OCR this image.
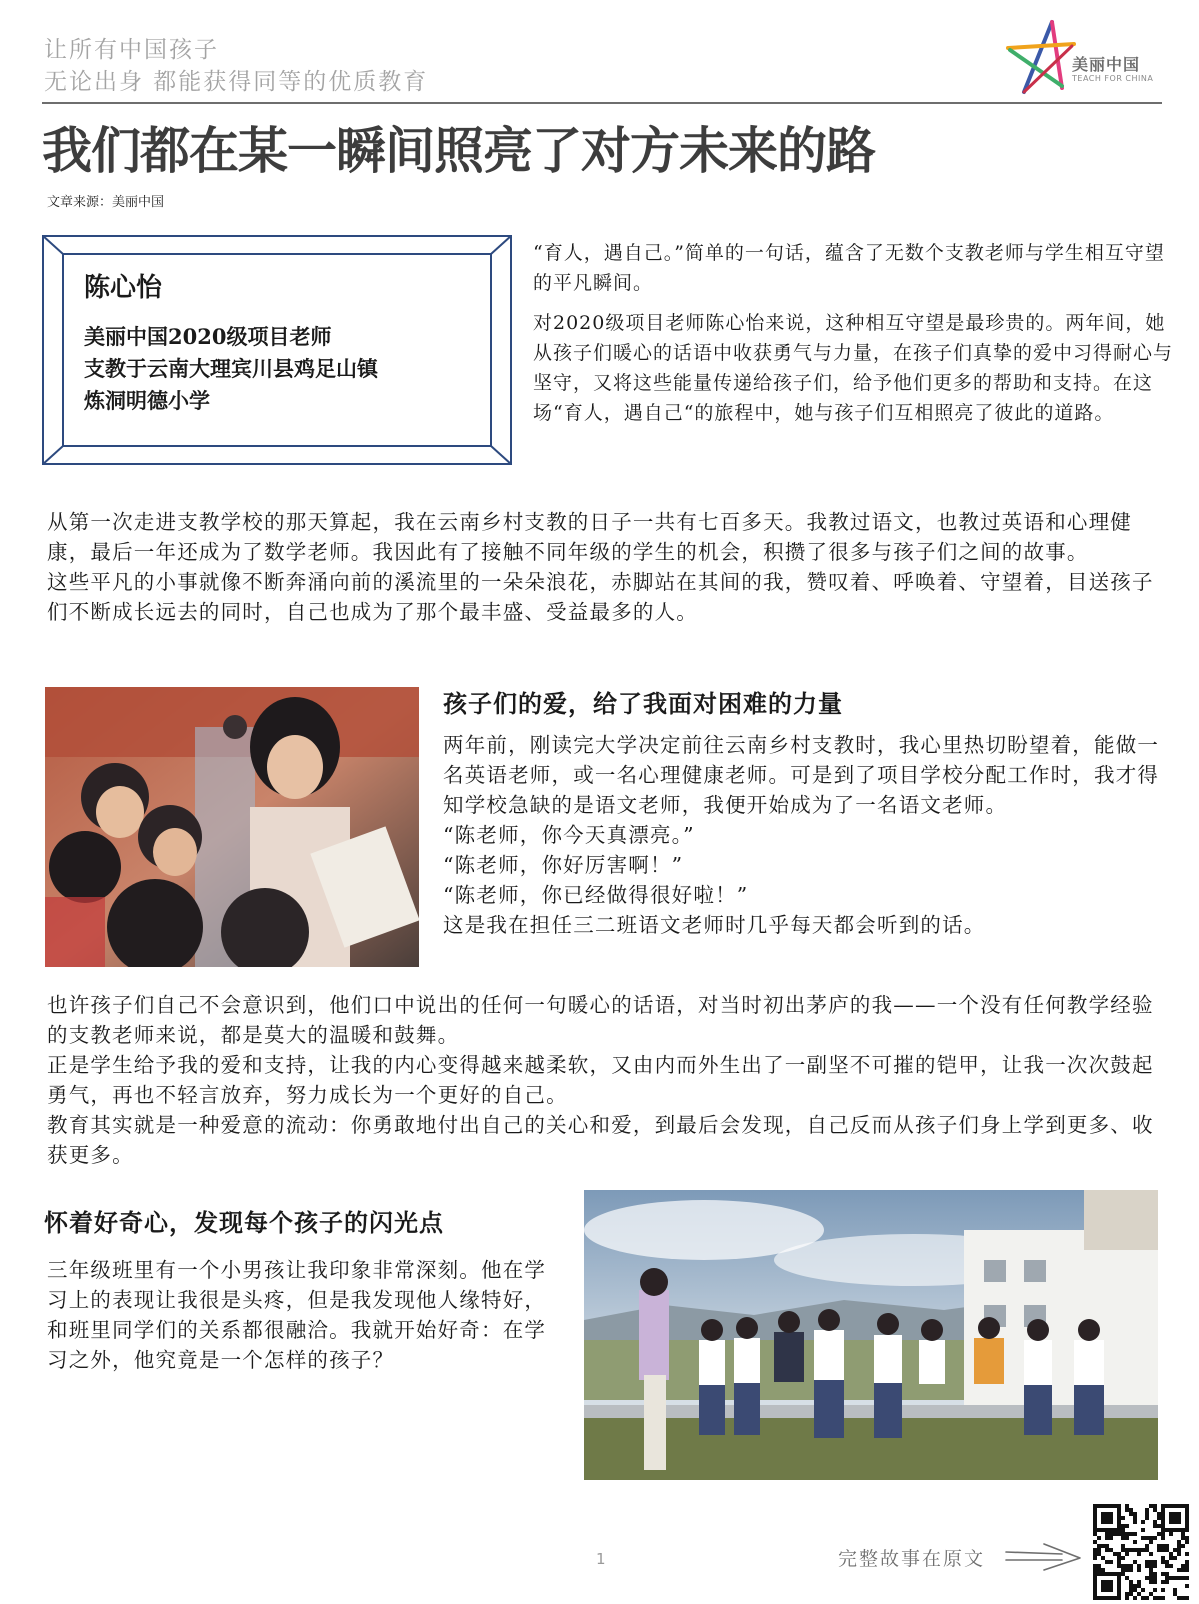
让所有中国孩子
无论出身 都能获得同等的优质教育
美丽中国
TEACH FOR CHINA
我们都在某一瞬间照亮了对方未来的路
文章来源：美丽中国
陈心怡
美丽中国2020级项目老师
支教于云南大理宾川县鸡足山镇
炼洞明德小学

“育人，遇自己。”简单的一句话，蕴含了无数个支教老师与学生相互守望的平凡瞬间。

对2020级项目老师陈心怡来说，这种相互守望是最珍贵的。两年间，她从孩子们暖心的话语中收获勇气与力量，在孩子们真挚的爱中习得耐心与坚守，又将这些能量传递给孩子们，给予他们更多的帮助和支持。在这场“育人，遇自己“的旅程中，她与孩子们互相照亮了彼此的道路。

从第一次走进支教学校的那天算起，我在云南乡村支教的日子一共有七百多天。我教过语文，也教过英语和心理健康，最后一年还成为了数学老师。我因此有了接触不同年级的学生的机会，积攒了很多与孩子们之间的故事。

这些平凡的小事就像不断奔涌向前的溪流里的一朵朵浪花，赤脚站在其间的我，赞叹着、呼唤着、守望着，目送孩子们不断成长远去的同时，自己也成为了那个最丰盛、受益最多的人。

孩子们的爱，给了我面对困难的力量

两年前，刚读完大学决定前往云南乡村支教时，我心里热切盼望着，能做一名英语老师，或一名心理健康老师。可是到了项目学校分配工作时，我才得知学校急缺的是语文老师，我便开始成为了一名语文老师。

“陈老师，你今天真漂亮。”

“陈老师，你好厉害啊！”

“陈老师，你已经做得很好啦！”

这是我在担任三二班语文老师时几乎每天都会听到的话。

也许孩子们自己不会意识到，他们口中说出的任何一句暖心的话语，对当时初出茅庐的我——一个没有任何教学经验的支教老师来说，都是莫大的温暖和鼓舞。

正是学生给予我的爱和支持，让我的内心变得越来越柔软，又由内而外生出了一副坚不可摧的铠甲，让我一次次鼓起勇气，再也不轻言放弃，努力成长为一个更好的自己。

教育其实就是一种爱意的流动：你勇敢地付出自己的关心和爱，到最后会发现，自己反而从孩子们身上学到更多、收获更多。

怀着好奇心，发现每个孩子的闪光点

三年级班里有一个小男孩让我印象非常深刻。他在学习上的表现让我很是头疼，但是我发现他人缘特好，和班里同学们的关系都很融洽。我就开始好奇：在学习之外，他究竟是一个怎样的孩子？

1	完整故事在原文
